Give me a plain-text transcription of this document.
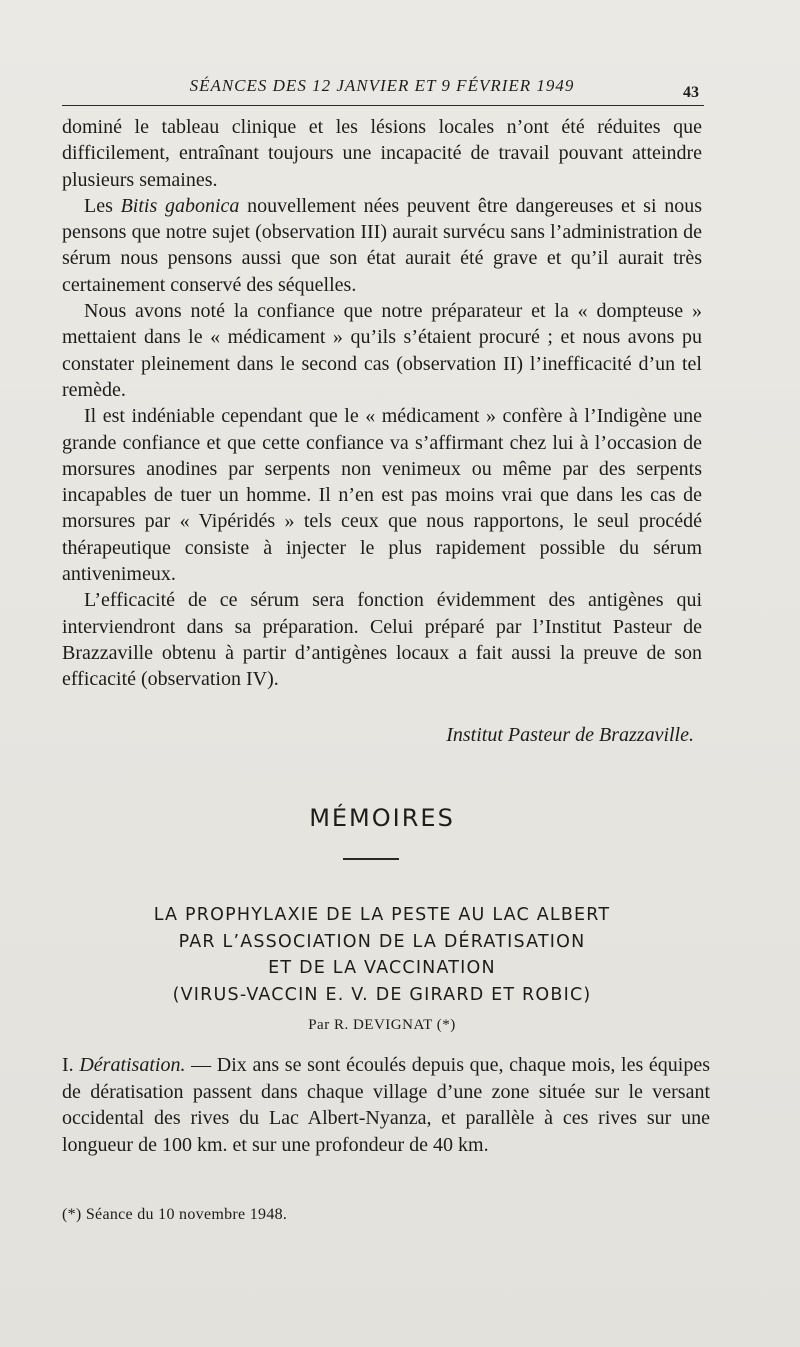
SÉANCES DES 12 JANVIER ET 9 FÉVRIER 1949	43

dominé le tableau clinique et les lésions locales n’ont été réduites que difficilement, entraînant toujours une incapacité de travail pouvant atteindre plusieurs semaines.

Les Bitis gabonica nouvellement nées peuvent être dangereuses et si nous pensons que notre sujet (observation III) aurait survécu sans l’administration de sérum nous pensons aussi que son état aurait été grave et qu’il aurait très certainement conservé des séquelles.

Nous avons noté la confiance que notre préparateur et la « dompteuse » mettaient dans le « médicament » qu’ils s’étaient procuré ; et nous avons pu constater pleinement dans le second cas (observation II) l’inefficacité d’un tel remède.

Il est indéniable cependant que le « médicament » confère à l’Indigène une grande confiance et que cette confiance va s’affirmant chez lui à l’occasion de morsures anodines par serpents non venimeux ou même par des serpents incapables de tuer un homme. Il n’en est pas moins vrai que dans les cas de morsures par « Vipéridés » tels ceux que nous rapportons, le seul procédé thérapeutique consiste à injecter le plus rapidement possible du sérum antivenimeux.

L’efficacité de ce sérum sera fonction évidemment des antigènes qui interviendront dans sa préparation. Celui préparé par l’Institut Pasteur de Brazzaville obtenu à partir d’antigènes locaux a fait aussi la preuve de son efficacité (observation IV).

Institut Pasteur de Brazzaville.
MÉMOIRES
LA PROPHYLAXIE DE LA PESTE AU LAC ALBERT
PAR L’ASSOCIATION DE LA DÉRATISATION
ET DE LA VACCINATION
(VIRUS-VACCIN E. V. DE GIRARD ET ROBIC)
Par R. DEVIGNAT (*)

I. Dératisation. — Dix ans se sont écoulés depuis que, chaque mois, les équipes de dératisation passent dans chaque village d’une zone située sur le versant occidental des rives du Lac Albert-Nyanza, et parallèle à ces rives sur une longueur de 100 km. et sur une profondeur de 40 km.

(*) Séance du 10 novembre 1948.
